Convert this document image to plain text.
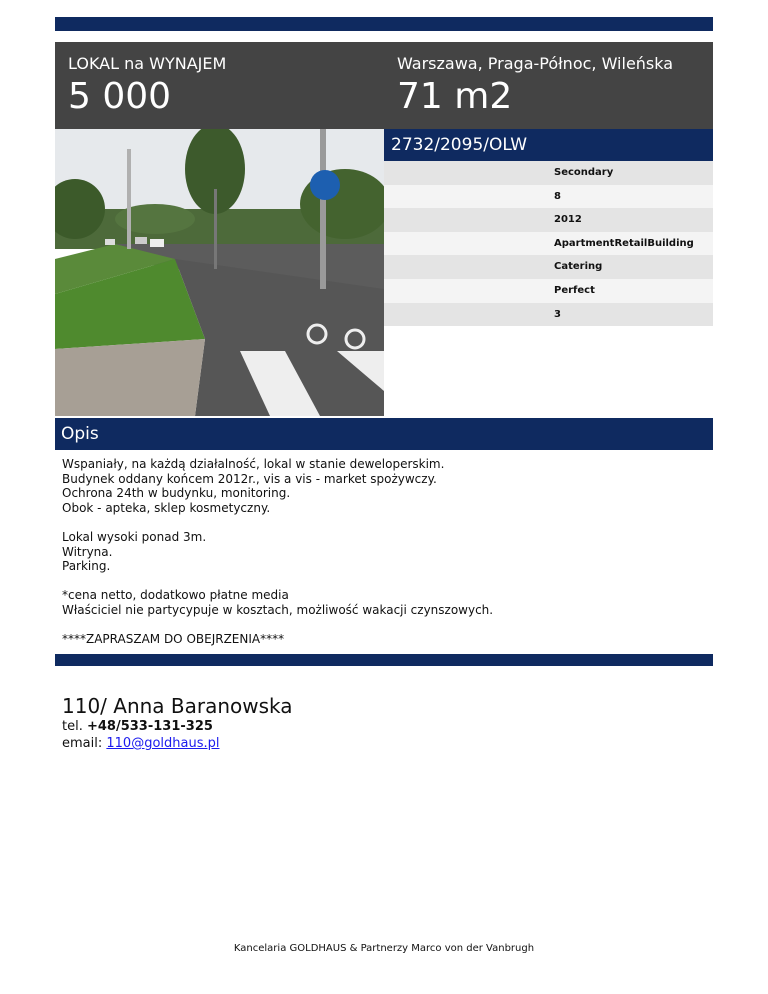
LOKAL na WYNAJEM
5 000
Warszawa, Praga-Północ, Wileńska
71 m2
2732/2095/OLW
Secondary
8
2012
ApartmentRetailBuilding
Catering
Perfect
3
Opis

Wspaniały, na każdą działalność, lokal w stanie deweloperskim.
Budynek oddany końcem 2012r., vis a vis - market spożywczy.
Ochrona 24th w budynku, monitoring.
Obok - apteka, sklep kosmetyczny.

Lokal wysoki ponad 3m.
Witryna.
Parking.

*cena netto, dodatkowo płatne media
Właściciel nie partycypuje w kosztach, możliwość wakacji czynszowych.

****ZAPRASZAM DO OBEJRZENIA****

110/ Anna Baranowska
tel. +48/533-131-325
email: 110@goldhaus.pl
Kancelaria GOLDHAUS & Partnerzy Marco von der Vanbrugh
